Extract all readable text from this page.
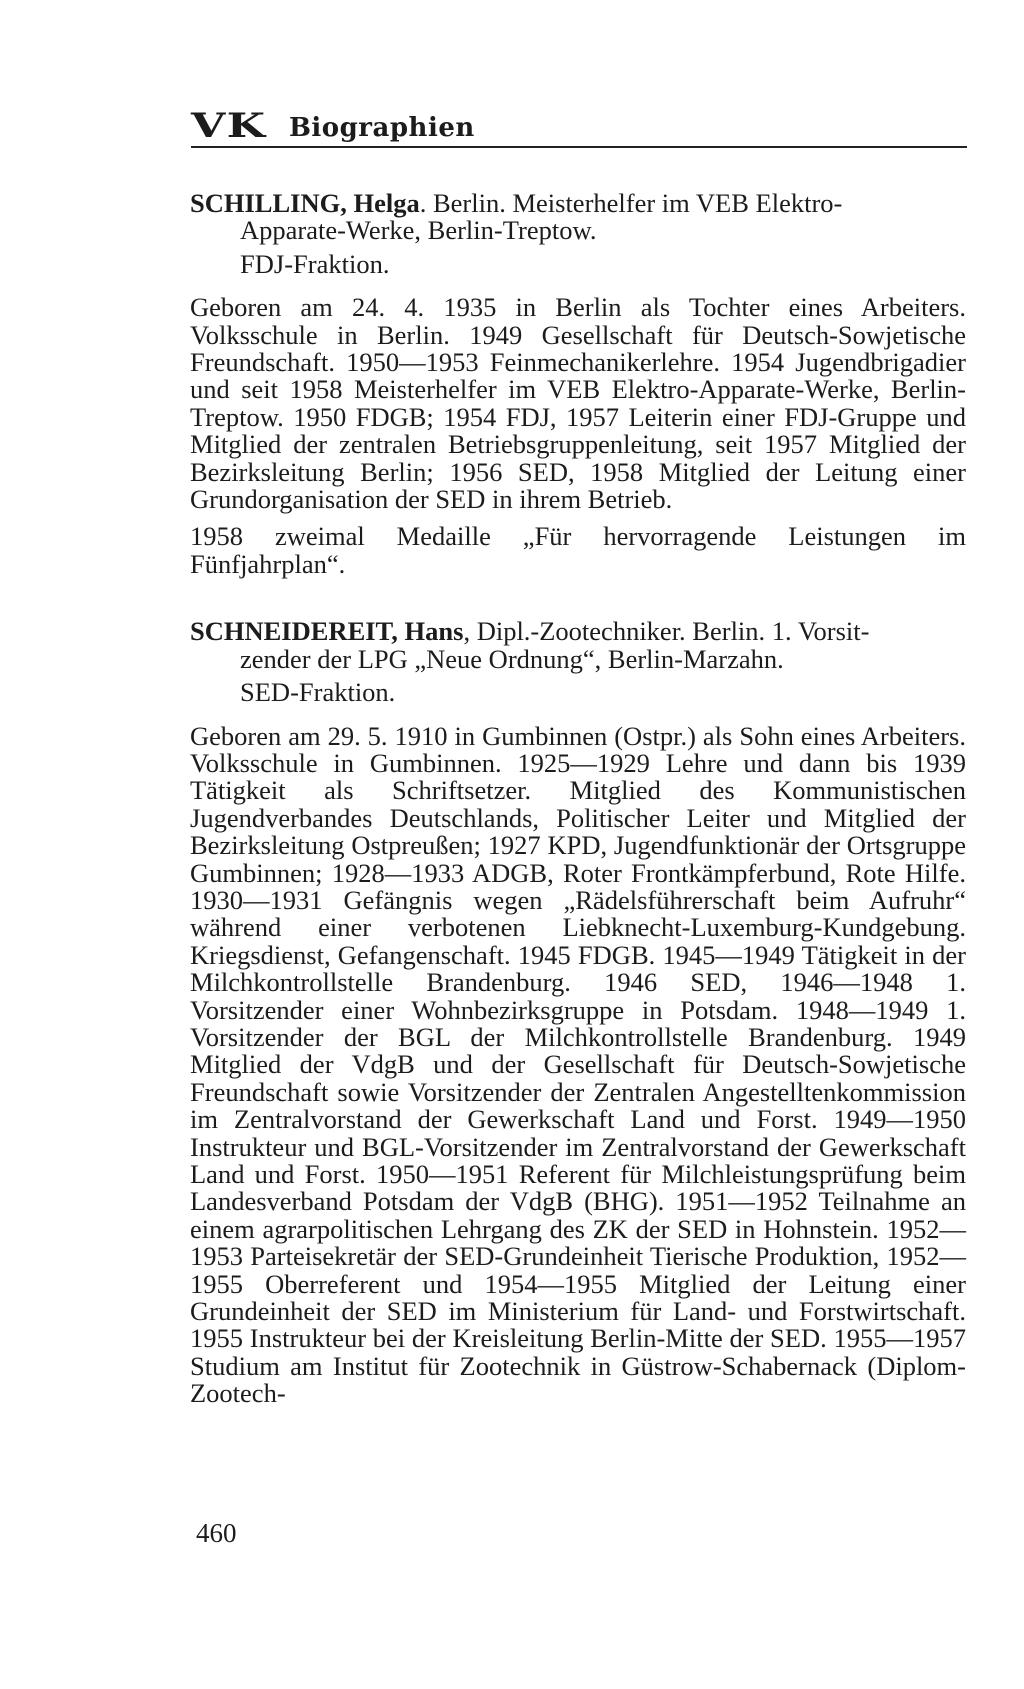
VK Biographien

SCHILLING, Helga. Berlin. Meisterhelfer im VEB Elektro-
Apparate-Werke, Berlin-Treptow.
FDJ-Fraktion.

Geboren am 24. 4. 1935 in Berlin als Tochter eines Arbeiters. Volksschule in Berlin. 1949 Gesellschaft für Deutsch-Sowjetische Freundschaft. 1950—1953 Feinmechanikerlehre. 1954 Jugendbrigadier und seit 1958 Meisterhelfer im VEB Elektro-Apparate-Werke, Berlin-Treptow. 1950 FDGB; 1954 FDJ, 1957 Leiterin einer FDJ-Gruppe und Mitglied der zentralen Betriebsgruppenleitung, seit 1957 Mitglied der Bezirksleitung Berlin; 1956 SED, 1958 Mitglied der Leitung einer Grundorganisation der SED in ihrem Betrieb.

1958 zweimal Medaille „Für hervorragende Leistungen im Fünfjahrplan“.

SCHNEIDEREIT, Hans, Dipl.-Zootechniker. Berlin. 1. Vorsit-
zender der LPG „Neue Ordnung“, Berlin-Marzahn.
SED-Fraktion.

Geboren am 29. 5. 1910 in Gumbinnen (Ostpr.) als Sohn eines Arbeiters. Volksschule in Gumbinnen. 1925—1929 Lehre und dann bis 1939 Tätigkeit als Schriftsetzer. Mitglied des Kommunistischen Jugendverbandes Deutschlands, Politischer Leiter und Mitglied der Bezirksleitung Ostpreußen; 1927 KPD, Jugendfunktionär der Ortsgruppe Gumbinnen; 1928—1933 ADGB, Roter Frontkämpferbund, Rote Hilfe. 1930—1931 Gefängnis wegen „Rädelsführerschaft beim Aufruhr“ während einer verbotenen Liebknecht-Luxemburg-Kundgebung. Kriegsdienst, Gefangenschaft. 1945 FDGB. 1945—1949 Tätigkeit in der Milchkontrollstelle Brandenburg. 1946 SED, 1946—1948 1. Vorsitzender einer Wohnbezirksgruppe in Potsdam. 1948—1949 1. Vorsitzender der BGL der Milchkontrollstelle Brandenburg. 1949 Mitglied der VdgB und der Gesellschaft für Deutsch-Sowjetische Freundschaft sowie Vorsitzender der Zentralen Angestelltenkommission im Zentralvorstand der Gewerkschaft Land und Forst. 1949—1950 Instrukteur und BGL-Vorsitzender im Zentralvorstand der Gewerkschaft Land und Forst. 1950—1951 Referent für Milchleistungsprüfung beim Landesverband Potsdam der VdgB (BHG). 1951—1952 Teilnahme an einem agrarpolitischen Lehrgang des ZK der SED in Hohnstein. 1952—1953 Parteisekretär der SED-Grundeinheit Tierische Produktion, 1952—1955 Oberreferent und 1954—1955 Mitglied der Leitung einer Grundeinheit der SED im Ministerium für Land- und Forstwirtschaft. 1955 Instrukteur bei der Kreisleitung Berlin-Mitte der SED. 1955—1957 Studium am Institut für Zootechnik in Güstrow-Schabernack (Diplom-Zootech-

460
